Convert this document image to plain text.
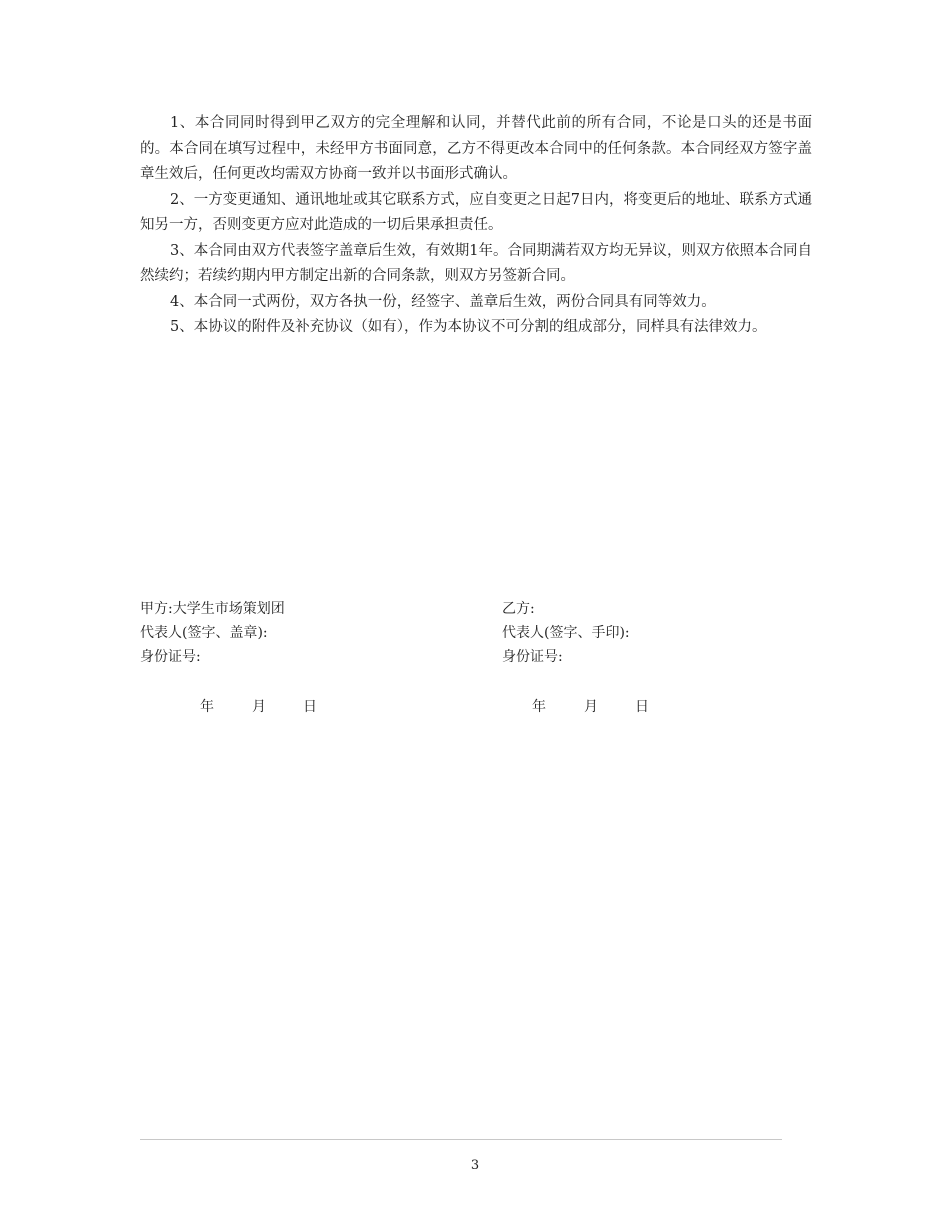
1、本合同同时得到甲乙双方的完全理解和认同，并替代此前的所有合同，不论是口头的还是书面的。本合同在填写过程中，未经甲方书面同意，乙方不得更改本合同中的任何条款。本合同经双方签字盖章生效后，任何更改均需双方协商一致并以书面形式确认。

2、一方变更通知、通讯地址或其它联系方式，应自变更之日起7日内，将变更后的地址、联系方式通知另一方，否则变更方应对此造成的一切后果承担责任。

3、本合同由双方代表签字盖章后生效，有效期1年。合同期满若双方均无异议，则双方依照本合同自然续约；若续约期内甲方制定出新的合同条款，则双方另签新合同。

4、本合同一式两份，双方各执一份，经签字、盖章后生效，两份合同具有同等效力。

5、本协议的附件及补充协议（如有），作为本协议不可分割的组成部分，同样具有法律效力。

甲方:大学生市场策划团
代表人(签字、盖章):
身份证号:
乙方:
代表人(签字、手印):
身份证号:
年	月	日	年	月	日
3
